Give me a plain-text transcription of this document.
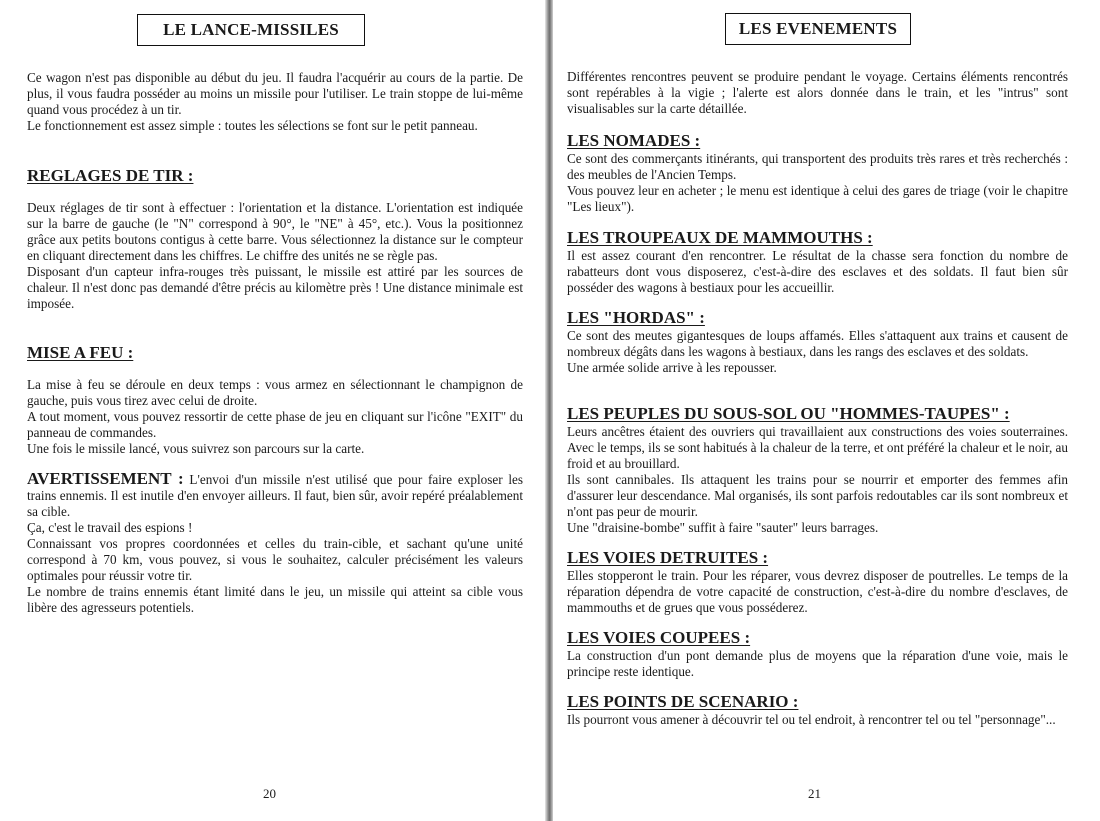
LE LANCE-MISSILES

Ce wagon n'est pas disponible au début du jeu. Il faudra l'acquérir au cours de la partie. De plus, il vous faudra posséder au moins un missile pour l'utiliser. Le train stoppe de lui-même quand vous procédez à un tir.

Le fonctionnement est assez simple : toutes les sélections se font sur le petit panneau.

REGLAGES DE TIR :

Deux réglages de tir sont à effectuer : l'orientation et la distance. L'orientation est indiquée sur la barre de gauche (le "N" correspond à 90°, le "NE" à 45°, etc.). Vous la positionnez grâce aux petits boutons contigus à cette barre. Vous sélectionnez la distance sur le compteur en cliquant directement dans les chiffres. Le chiffre des unités ne se règle pas.

Disposant d'un capteur infra-rouges très puissant, le missile est attiré par les sources de chaleur. Il n'est donc pas demandé d'être précis au kilomètre près ! Une distance minimale est imposée.

MISE A FEU :

La mise à feu se déroule en deux temps : vous armez en sélectionnant le champignon de gauche, puis vous tirez avec celui de droite.

A tout moment, vous pouvez ressortir de cette phase de jeu en cliquant sur l'icône "EXIT" du panneau de commandes.

Une fois le missile lancé, vous suivrez son parcours sur la carte.

AVERTISSEMENT : L'envoi d'un missile n'est utilisé que pour faire exploser les trains ennemis. Il est inutile d'en envoyer ailleurs. Il faut, bien sûr, avoir repéré préalablement sa cible.

Ça, c'est le travail des espions !

Connaissant vos propres coordonnées et celles du train-cible, et sachant qu'une unité correspond à 70 km, vous pouvez, si vous le souhaitez, calculer précisément les valeurs optimales pour réussir votre tir.

Le nombre de trains ennemis étant limité dans le jeu, un missile qui atteint sa cible vous libère des agresseurs potentiels.

20
LES EVENEMENTS

Différentes rencontres peuvent se produire pendant le voyage. Certains éléments rencontrés sont repérables à la vigie ; l'alerte est alors donnée dans le train, et les "intrus" sont visualisables sur la carte détaillée.

LES NOMADES :

Ce sont des commerçants itinérants, qui transportent des produits très rares et très recherchés : des meubles de l'Ancien Temps.

Vous pouvez leur en acheter ; le menu est identique à celui des gares de triage (voir le chapitre "Les lieux").

LES TROUPEAUX DE MAMMOUTHS :

Il est assez courant d'en rencontrer. Le résultat de la chasse sera fonction du nombre de rabatteurs dont vous disposerez, c'est-à-dire des esclaves et des soldats. Il faut bien sûr posséder des wagons à bestiaux pour les accueillir.

LES "HORDAS" :

Ce sont des meutes gigantesques de loups affamés. Elles s'attaquent aux trains et causent de nombreux dégâts dans les wagons à bestiaux, dans les rangs des esclaves et des soldats.

Une armée solide arrive à les repousser.

LES PEUPLES DU SOUS-SOL OU "HOMMES-TAUPES" :

Leurs ancêtres étaient des ouvriers qui travaillaient aux constructions des voies souterraines. Avec le temps, ils se sont habitués à la chaleur de la terre, et ont préféré la chaleur et le noir, au froid et au brouillard.

Ils sont cannibales. Ils attaquent les trains pour se nourrir et emporter des femmes afin d'assurer leur descendance. Mal organisés, ils sont parfois redoutables car ils sont nombreux et n'ont pas peur de mourir.

Une "draisine-bombe" suffit à faire "sauter" leurs barrages.

LES VOIES DETRUITES :

Elles stopperont le train. Pour les réparer, vous devrez disposer de poutrelles. Le temps de la réparation dépendra de votre capacité de construction, c'est-à-dire du nombre d'esclaves, de mammouths et de grues que vous posséderez.

LES VOIES COUPEES :

La construction d'un pont demande plus de moyens que la réparation d'une voie, mais le principe reste identique.

LES POINTS DE SCENARIO :

Ils pourront vous amener à découvrir tel ou tel endroit, à rencontrer tel ou tel "personnage"...

21
